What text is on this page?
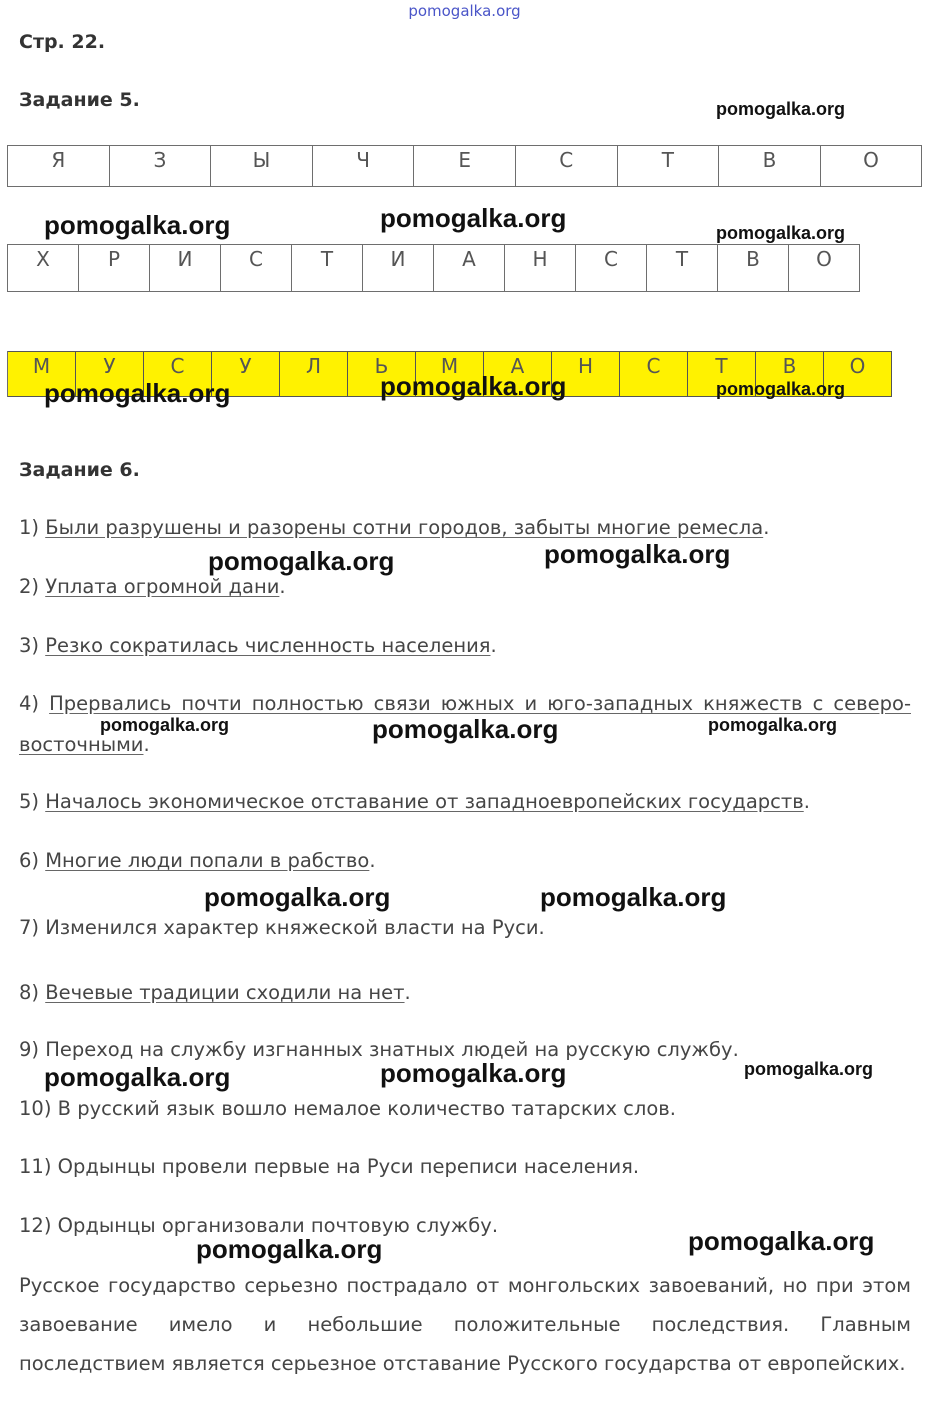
pomogalka.org
Стр. 22.
Задание 5.
Я	З	Ы	Ч	Е	С	Т	В	О
Х	Р	И	С	Т	И	А	Н	С	Т	В	О
М	У	С	У	Л	Ь	М	А	Н	С	Т	В	О
Задание 6.
1) Были разрушены и разорены сотни городов, забыты многие ремесла.
2) Уплата огромной дани.
3) Резко сократилась численность населения.
4) Прервались почти полностью связи южных и юго-западных княжеств с северо-
восточными.
5) Началось экономическое отставание от западноевропейских государств.
6) Многие люди попали в рабство.
7) Изменился характер княжеской власти на Руси.
8) Вечевые традиции сходили на нет.
9) Переход на службу изгнанных знатных людей на русскую службу.
10) В русский язык вошло немалое количество татарских слов.
11) Ордынцы провели первые на Руси переписи населения.
12) Ордынцы организовали почтовую службу.
Русское государство серьезно пострадало от монгольских завоеваний, но при этом завоевание имело и небольшие положительные последствия. Главным последствием является серьезное отставание Русского государства от европейских.
pomogalka.org
pomogalka.org	pomogalka.org	pomogalka.org
pomogalka.org	pomogalka.org	pomogalka.org
pomogalka.org	pomogalka.org
pomogalka.org	pomogalka.org	pomogalka.org
pomogalka.org	pomogalka.org
pomogalka.org	pomogalka.org	pomogalka.org
pomogalka.org	pomogalka.org
